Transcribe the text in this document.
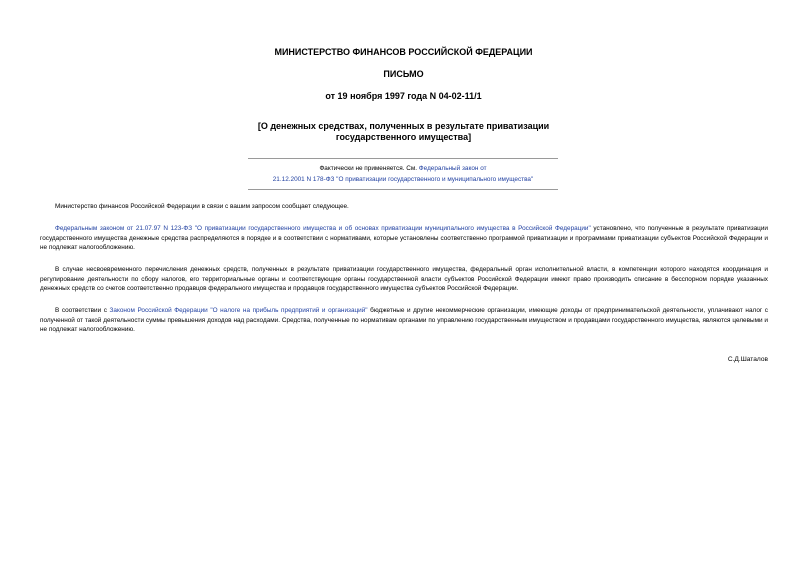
МИНИСТЕРСТВО ФИНАНСОВ РОССИЙСКОЙ ФЕДЕРАЦИИ
ПИСЬМО
от 19 ноября 1997 года N 04-02-11/1
[О денежных средствах, полученных в результате приватизации
государственного имущества]
Фактически не применяется. См. Федеральный закон от
21.12.2001 N 178-ФЗ "О приватизации государственного и муниципального имущества"
Министерство финансов Российской Федерации в связи с вашим запросом сообщает следующее.
Федеральным законом от 21.07.97 N 123-ФЗ "О приватизации государственного имущества и об основах приватизации муниципального имущества в Российской Федерации" установлено, что полученные в результате приватизации государственного имущества денежные средства распределяются в порядке и в соответствии с нормативами, которые установлены соответственно программой приватизации и программами приватизации субъектов Российской Федерации и не подлежат налогообложению.
В случае несвоевременного перечисления денежных средств, полученных в результате приватизации государственного имущества, федеральный орган исполнительной власти, в компетенции которого находятся координация и регулирование деятельности по сбору налогов, его территориальные органы и соответствующие органы государственной власти субъектов Российской Федерации имеют право производить списание в бесспорном порядке указанных денежных средств со счетов соответственно продавцов федерального имущества и продавцов государственного имущества субъектов Российской Федерации.
В соответствии с Законом Российской Федерации "О налоге на прибыль предприятий и организаций" бюджетные и другие некоммерческие организации, имеющие доходы от предпринимательской деятельности, уплачивают налог с полученной от такой деятельности суммы превышения доходов над расходами. Средства, полученные по нормативам органами по управлению государственным имуществом и продавцами государственного имущества, являются целевыми и не подлежат налогообложению.
С.Д.Шаталов
